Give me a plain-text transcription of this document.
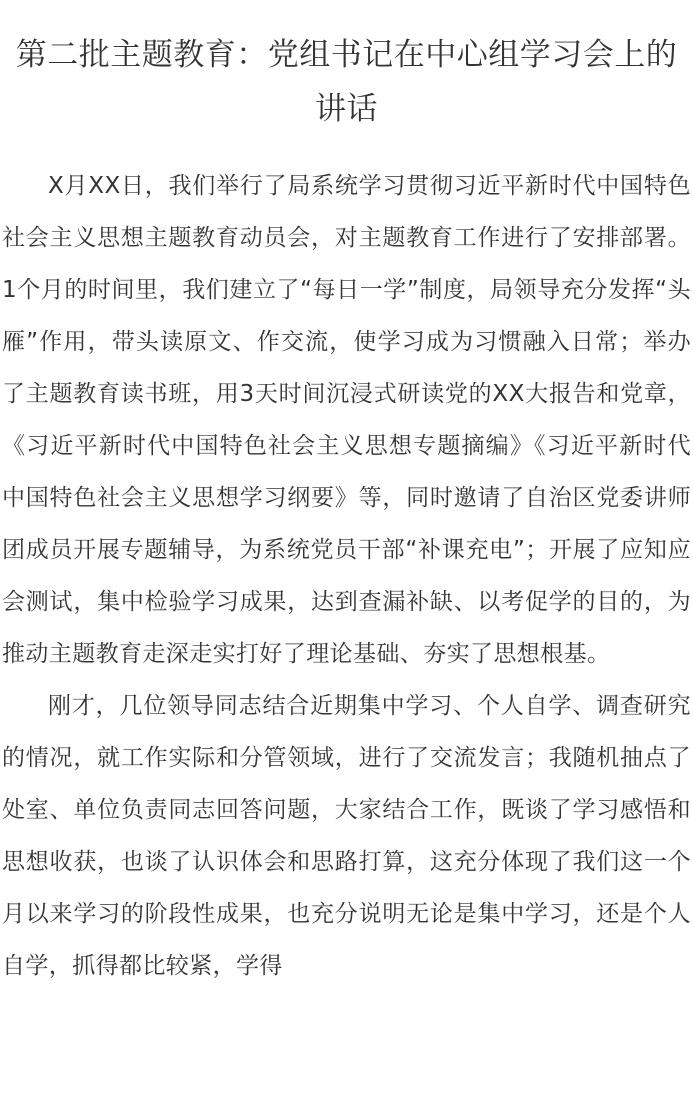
第二批主题教育：党组书记在中心组学习会上的讲话

X月XX日，我们举行了局系统学习贯彻习近平新时代中国特色社会主义思想主题教育动员会，对主题教育工作进行了安排部署。1个月的时间里，我们建立了“每日一学”制度，局领导充分发挥“头雁”作用，带头读原文、作交流，使学习成为习惯融入日常；举办了主题教育读书班，用3天时间沉浸式研读党的XX大报告和党章，《习近平新时代中国特色社会主义思想专题摘编》《习近平新时代中国特色社会主义思想学习纲要》等，同时邀请了自治区党委讲师团成员开展专题辅导，为系统党员干部“补课充电”；开展了应知应会测试，集中检验学习成果，达到查漏补缺、以考促学的目的，为推动主题教育走深走实打好了理论基础、夯实了思想根基。

刚才，几位领导同志结合近期集中学习、个人自学、调查研究的情况，就工作实际和分管领域，进行了交流发言；我随机抽点了处室、单位负责同志回答问题，大家结合工作，既谈了学习感悟和思想收获，也谈了认识体会和思路打算，这充分体现了我们这一个月以来学习的阶段性成果，也充分说明无论是集中学习，还是个人自学，抓得都比较紧，学得
